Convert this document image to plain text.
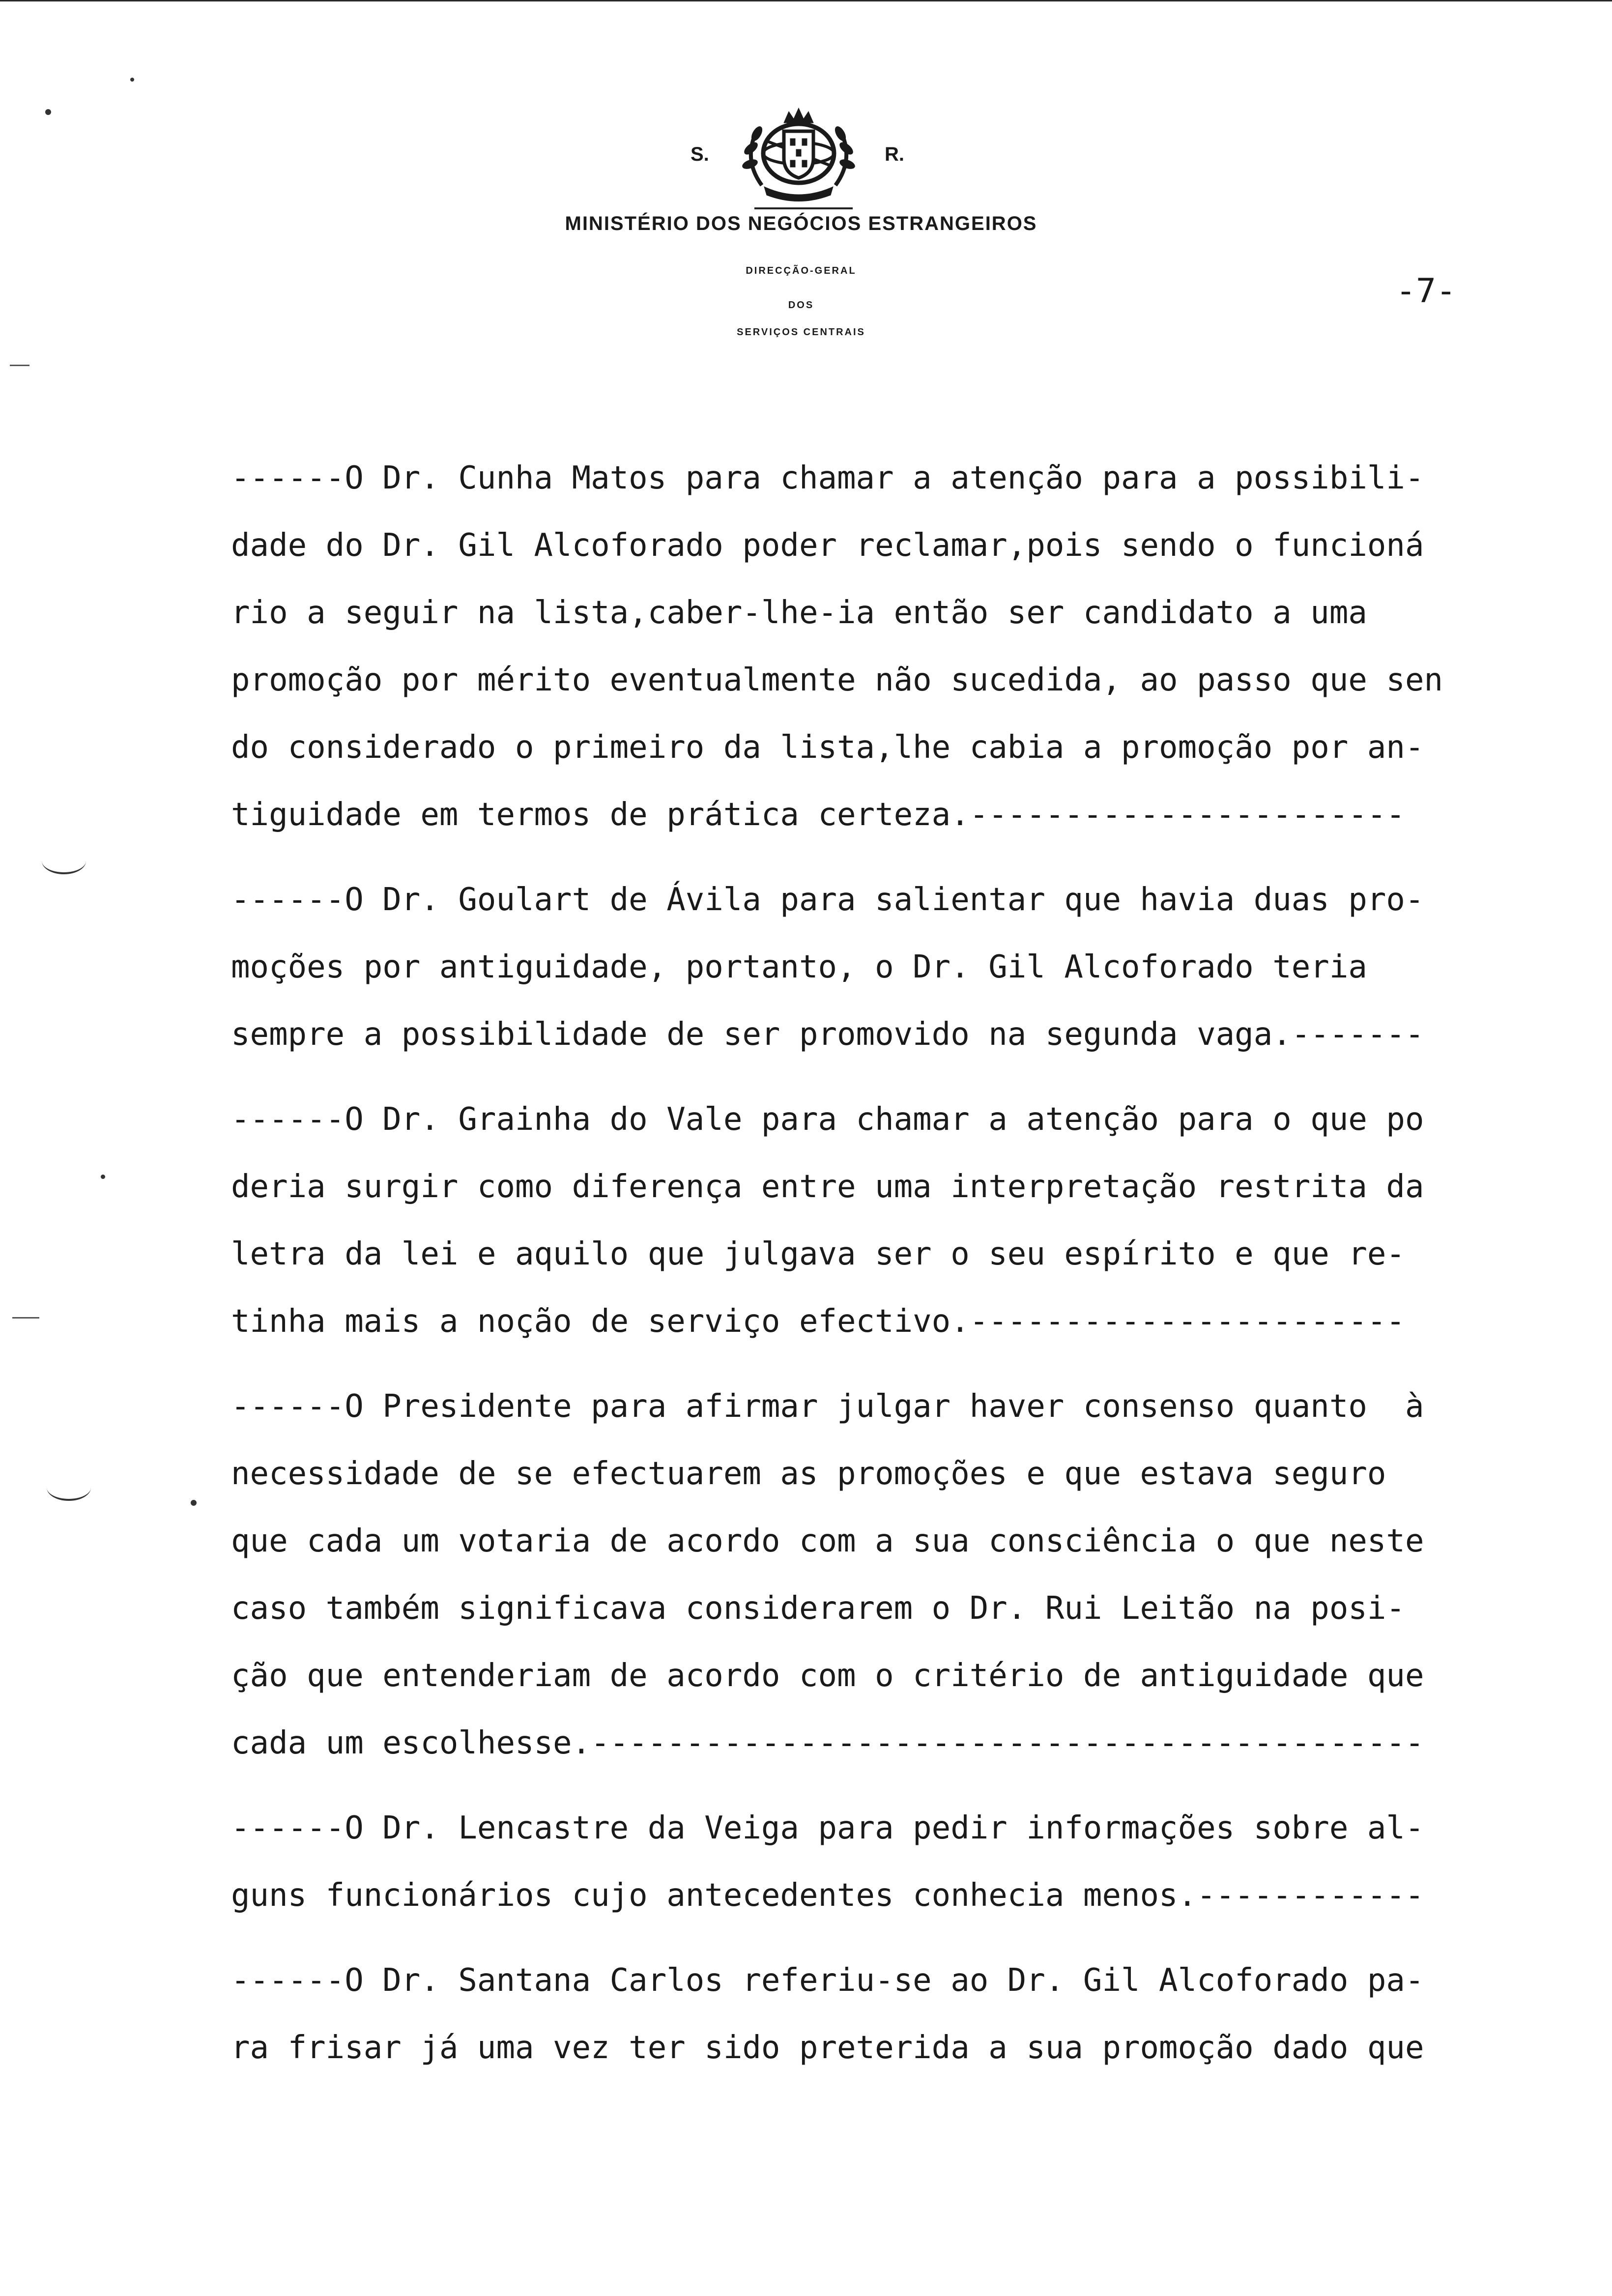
S.	R.
MINISTÉRIO DOS NEGÓCIOS ESTRANGEIROS
DIRECÇÃO-GERAL
DOS
SERVIÇOS CENTRAIS
-7-
------O Dr. Cunha Matos para chamar a atenção para a possibili-
dade do Dr. Gil Alcoforado poder reclamar,pois sendo o funcioná
rio a seguir na lista,caber-lhe-ia então ser candidato a uma
promoção por mérito eventualmente não sucedida, ao passo que sen
do considerado o primeiro da lista,lhe cabia a promoção por an-
tiguidade em termos de prática certeza.-----------------------
------O Dr. Goulart de Ávila para salientar que havia duas pro-
moções por antiguidade, portanto, o Dr. Gil Alcoforado teria
sempre a possibilidade de ser promovido na segunda vaga.-------
------O Dr. Grainha do Vale para chamar a atenção para o que po
deria surgir como diferença entre uma interpretação restrita da
letra da lei e aquilo que julgava ser o seu espírito e que re-
tinha mais a noção de serviço efectivo.-----------------------
------O Presidente para afirmar julgar haver consenso quanto  à
necessidade de se efectuarem as promoções e que estava seguro
que cada um votaria de acordo com a sua consciência o que neste
caso também significava considerarem o Dr. Rui Leitão na posi-
ção que entenderiam de acordo com o critério de antiguidade que
cada um escolhesse.--------------------------------------------
------O Dr. Lencastre da Veiga para pedir informações sobre al-
guns funcionários cujo antecedentes conhecia menos.------------
------O Dr. Santana Carlos referiu-se ao Dr. Gil Alcoforado pa-
ra frisar já uma vez ter sido preterida a sua promoção dado que
